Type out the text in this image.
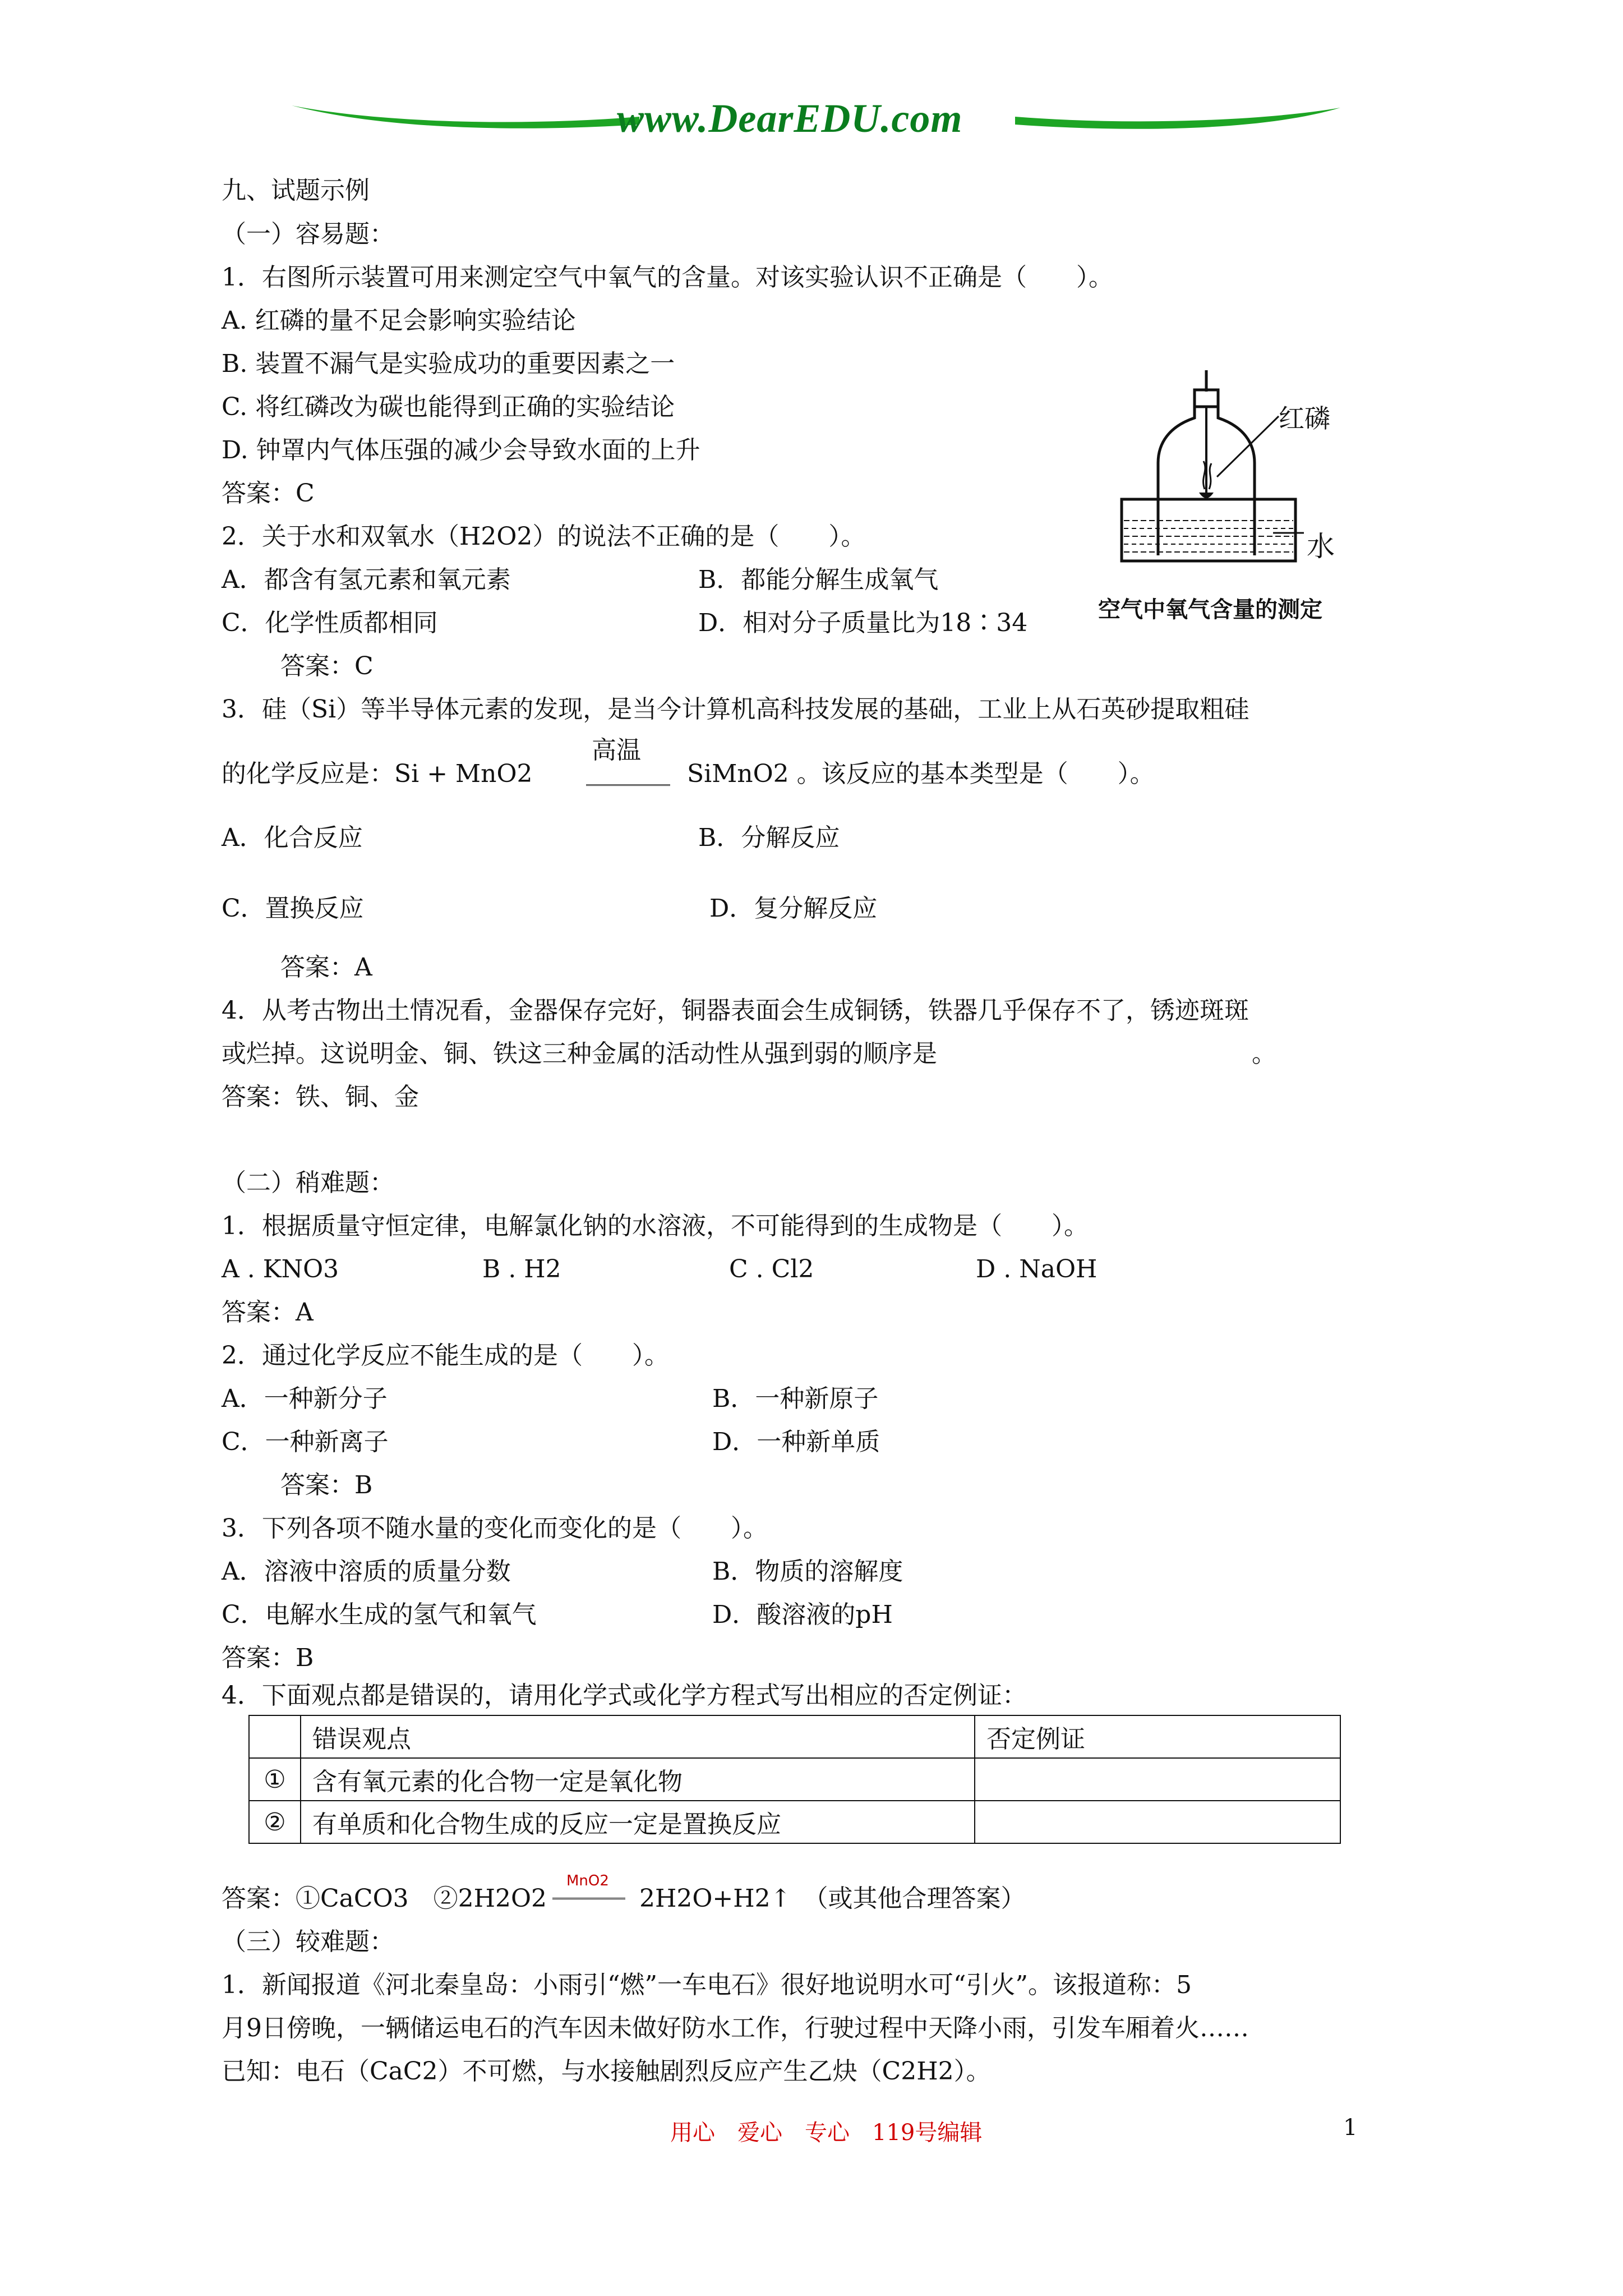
www.DearEDU.com
九、试题示例
（一）容易题：
1．右图所示装置可用来测定空气中氧气的含量。对该实验认识不正确是（　　）。
A. 红磷的量不足会影响实验结论
B. 装置不漏气是实验成功的重要因素之一
C. 将红磷改为碳也能得到正确的实验结论
D. 钟罩内气体压强的减少会导致水面的上升
答案：C
红磷
水
空气中氧气含量的测定
2．关于水和双氧水（H2O2）的说法不正确的是（　　）。
A．都含有氢元素和氧元素	B．都能分解生成氧气
C．化学性质都相同	D．相对分子质量比为18∶34
答案：C
3．硅（Si）等半导体元素的发现，是当今计算机高科技发展的基础，工业上从石英砂提取粗硅
的化学反应是：Si + MnO2
高温
SiMnO2 。该反应的基本类型是（　　）。
A．化合反应	B．分解反应
C．置换反应	D．复分解反应
答案：A
4．从考古物出土情况看，金器保存完好，铜器表面会生成铜锈，铁器几乎保存不了，锈迹斑斑
或烂掉。这说明金、铜、铁这三种金属的活动性从强到弱的顺序是	。
答案：铁、铜、金
（二）稍难题：
1．根据质量守恒定律，电解氯化钠的水溶液，不可能得到的生成物是（　　）。
A . KNO3	B . H2	C . Cl2	D . NaOH
答案：A
2．通过化学反应不能生成的是（　　）。
A．一种新分子	B．一种新原子
C．一种新离子	D．一种新单质
答案：B
3．下列各项不随水量的变化而变化的是（　　）。
A．溶液中溶质的质量分数	B．物质的溶解度
C．电解水生成的氢气和氧气	D．酸溶液的pH
答案：B
4．下面观点都是错误的，请用化学式或化学方程式写出相应的否定例证：
	错误观点	否定例证
①	含有氧元素的化合物一定是氧化物	
②	有单质和化合物生成的反应一定是置换反应	
答案：①CaCO3　②2H2O2
MnO2
2H2O+H2↑　（或其他合理答案）
（三）较难题：
1．新闻报道《河北秦皇岛：小雨引“燃”一车电石》很好地说明水可“引火”。该报道称：5
月9日傍晚，一辆储运电石的汽车因未做好防水工作，行驶过程中天降小雨，引发车厢着火……
已知：电石（CaC2）不可燃，与水接触剧烈反应产生乙炔（C2H2）。
用心　爱心　专心　119号编辑	1
